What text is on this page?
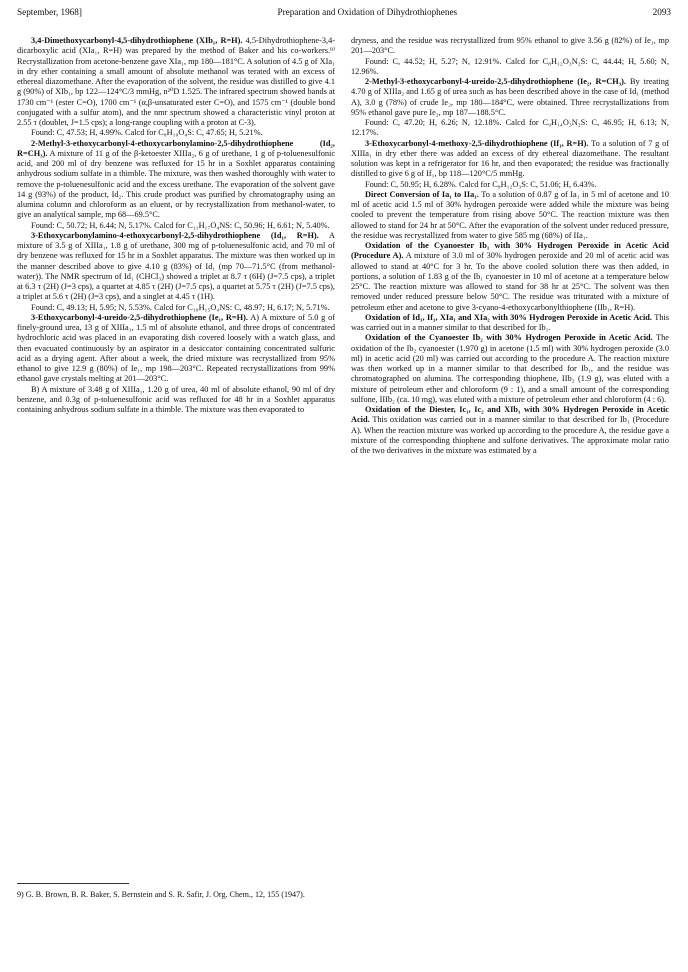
September, 1968]	Preparation and Oxidation of Dihydrothiophenes	2093

3,4-Dimethoxycarbonyl-4,5-dihydrothiophene (XIb₁, R=H). 4,5-Dihydrothiophene-3,4-dicarboxylic acid (XIa₁, R=H) was prepared by the method of Baker and his co-workers.⁹⁾ Recrystallization from acetone-benzene gave XIa₁, mp 180—181°C. A solution of 4.5 g of XIa₁ in dry ether containing a small amount of absolute methanol was terated with an excess of ethereal diazomethane. After the evaporation of the solvent, the residue was distilled to give 4.1 g (90%) of XIb₁, bp 122—124°C/3 mmHg, n²⁰D 1.525. The infrared spectrum showed bands at 1730 cm⁻¹ (ester C=O), 1700 cm⁻¹ (α,β-unsaturated ester C=O), and 1575 cm⁻¹ (double bond conjugated with a sulfur atom), and the nmr spectrum showed a characteristic vinyl proton at 2.55 τ (doublet, J=1.5 cps); a long-range coupling with a proton at C-3).

Found: C, 47.53; H, 4.99%. Calcd for C₈H₁₀O₄S: C, 47.65; H, 5.21%.

2-Methyl-3-ethoxycarbonyl-4-ethoxycarbonylamino-2,5-dihydrothiophene (Id₂, R=CH₃). A mixture of 11 g of the β-ketoester XIIIa₂, 6 g of urethane, 1 g of p-toluenesulfonic acid, and 200 ml of dry benzene was refluxed for 15 hr in a Soxhlet apparatus containing anhydrous sodium sulfate in a thimble. The mixture, was then washed thoroughly with water to remove the p-toluenesulfonic acid and the excess urethane. The evaporation of the solvent gave 14 g (93%) of the product, Id₂. This crude product was purified by chromatography using an alumina column and chloroform as an eluent, or by recrystallization from methanol-water, to give an analytical sample, mp 68—69.5°C.

Found: C, 50.72; H, 6.44; N, 5.17%. Calcd for C₁₁H₁₇O₄NS: C, 50.96; H, 6.61; N, 5.40%.

3-Ethoxycarbonylamino-4-ethoxycarbonyl-2,5-dihydrothiophene (Id₁, R=H). A mixture of 3.5 g of XIIIa₁, 1.8 g of urethane, 300 mg of p-toluenesulfonic acid, and 70 ml of dry benzene was refluxed for 15 hr in a Soxhlet apparatus. The mixture was then worked up in the manner described above to give 4.10 g (83%) of Id₁ (mp 70—71.5°C (from methanol-water)). The NMR spectrum of Id₁ (CHCl₃) showed a triplet at 8.7 τ (6H) (J=7.5 cps), a triplet at 6.3 τ (2H) (J=3 cps), a quartet at 4.85 τ (2H) (J=7.5 cps), a quartet at 5.75 τ (2H) (J=7.5 cps), a triplet at 5.6 τ (2H) (J=3 cps), and a singlet at 4.45 τ (1H).

Found: C, 49.13; H, 5.95; N, 5.53%. Calcd for C₁₀H₁₅O₄NS: C, 48.97; H, 6.17; N, 5.71%.

3-Ethoxycarbonyl-4-ureido-2,5-dihydrothiophene (Ie₁, R=H). A) A mixture of 5.0 g of finely-ground urea, 13 g of XIIIa₁, 1.5 ml of absolute ethanol, and three drops of concentrated hydrochloric acid was placed in an evaporating dish covered loosely with a watch glass, and then evacuated continuously by an aspirator in a desiccator containing concentrated sulfuric acid as a drying agent. After about a week, the dried mixture was recrystallized from 95% ethanol to give 12.9 g (80%) of Ie₁, mp 198—203°C. Repeated recrystallizations from 99% ethanol gave crystals melting at 201—203°C.

B) A mixture of 3.48 g of XIIIa₁, 1.20 g of urea, 40 ml of absolute ethanol, 90 ml of dry benzene, and 0.3g of p-toluenesulfonic acid was refluxed for 48 hr in a Soxhlet apparatus containing anhydrous sodium sulfate in a thimble. The mixture was then evaporated to

dryness, and the residue was recrystallized from 95% ethanol to give 3.56 g (82%) of Ie₁, mp 201—203°C.

Found: C, 44.52; H, 5.27; N, 12.91%. Calcd for C₈H₁₂O₃N₂S: C, 44.44; H, 5.60; N, 12.96%.

2-Methyl-3-ethoxycarbonyl-4-ureido-2,5-dihydrothiophene (Ie₂, R=CH₃). By treating 4.70 g of XIIIa₂ and 1.65 g of urea such as has been described above in the case of Id₁ (method A), 3.0 g (78%) of crude Ie₂, mp 180—184°C, were obtained. Three recrystallizations from 95% ethanol gave pure Ie₂, mp 187—188.5°C.

Found: C, 47.20; H, 6.26; N, 12.18%. Calcd for C₉H₁₄O₃N₂S: C, 46.95; H, 6.13; N, 12.17%.

3-Ethoxycarbonyl-4-methoxy-2,5-dihydrothiophene (If₁, R=H). To a solution of 7 g of XIIIa₁ in dry ether there was added an excess of dry ethereal diazomethane. The resultant solution was kept in a refrigerator for 16 hr, and then evaporated; the residue was fractionally distilled to give 6 g of If₁, bp 118—120°C/5 mmHg.

Found: C, 50.95; H, 6.28%. Calcd for C₈H₁₂O₃S: C, 51.06; H, 6.43%.

Direct Conversion of Ia₁ to IIa₁. To a solution of 0.87 g of Ia₁ in 5 ml of acetone and 10 ml of acetic acid 1.5 ml of 30% hydrogen peroxide were added while the mixture was being cooled to prevent the temperature from rising above 50°C. The reaction mixture was then allowed to stand for 24 hr at 50°C. After the evaporation of the solvent under reduced pressure, the residue was recrystallized from water to give 585 mg (68%) of IIa₁.

Oxidation of the Cyanoester Ib₁ with 30% Hydrogen Peroxide in Acetic Acid (Procedure A). A mixture of 3.0 ml of 30% hydrogen peroxide and 20 ml of acetic acid was allowed to stand at 40°C for 3 hr. To the above cooled solution there was then added, in portions, a solution of 1.83 g of the Ib₁ cyanoester in 10 ml of acetone at a temperature below 25°C. The reaction mixture was allowed to stand for 38 hr at 25°C. The solvent was then removed under reduced pressure below 50°C. The residue was triturated with a mixture of petroleum ether and acetone to give 3-cyano-4-ethoxycarbonylthiophene (IIb₁, R=H).

Oxidation of Id₁, If₁, XIa₁ and XIa₂ with 30% Hydrogen Peroxide in Acetic Acid. This was carried out in a manner similar to that described for Ib₁.

Oxidation of the Cyanoester Ib₂ with 30% Hydrogen Peroxide in Acetic Acid. The oxidation of the Ib₂ cyanoester (1.970 g) in acetone (1.5 ml) with 30% hydrogen peroxide (3.0 ml) in acetic acid (20 ml) was carried out according to the procedure A. The reaction mixture was then worked up in a manner similar to that described for Ib₁, and the residue was chromatographed on alumina. The corresponding thiophene, IIb₂ (1.9 g), was eluted with a mixture of petroleum ether and chloroform (9 : 1), and a small amount of the corresponding sulfone, IIIb₂ (ca. 10 mg), was eluted with a mixture of petroleum ether and chloroform (4 : 6).

Oxidation of the Diester, Ic₁, Ic₂ and XIb₁ with 30% Hydrogen Peroxide in Acetic Acid. This oxidation was carried out in a manner similar to that described for Ib₁ (Procedure A). When the reaction mixture was worked up according to the procedure A, the residue gave a mixture of the corresponding thiophene and sulfone derivatives. The approximate molar ratio of the two derivatives in the mixture was estimated by a

9) G. B. Brown, B. R. Baker, S. Bernstein and S. R. Safir, J. Org. Chem., 12, 155 (1947).
